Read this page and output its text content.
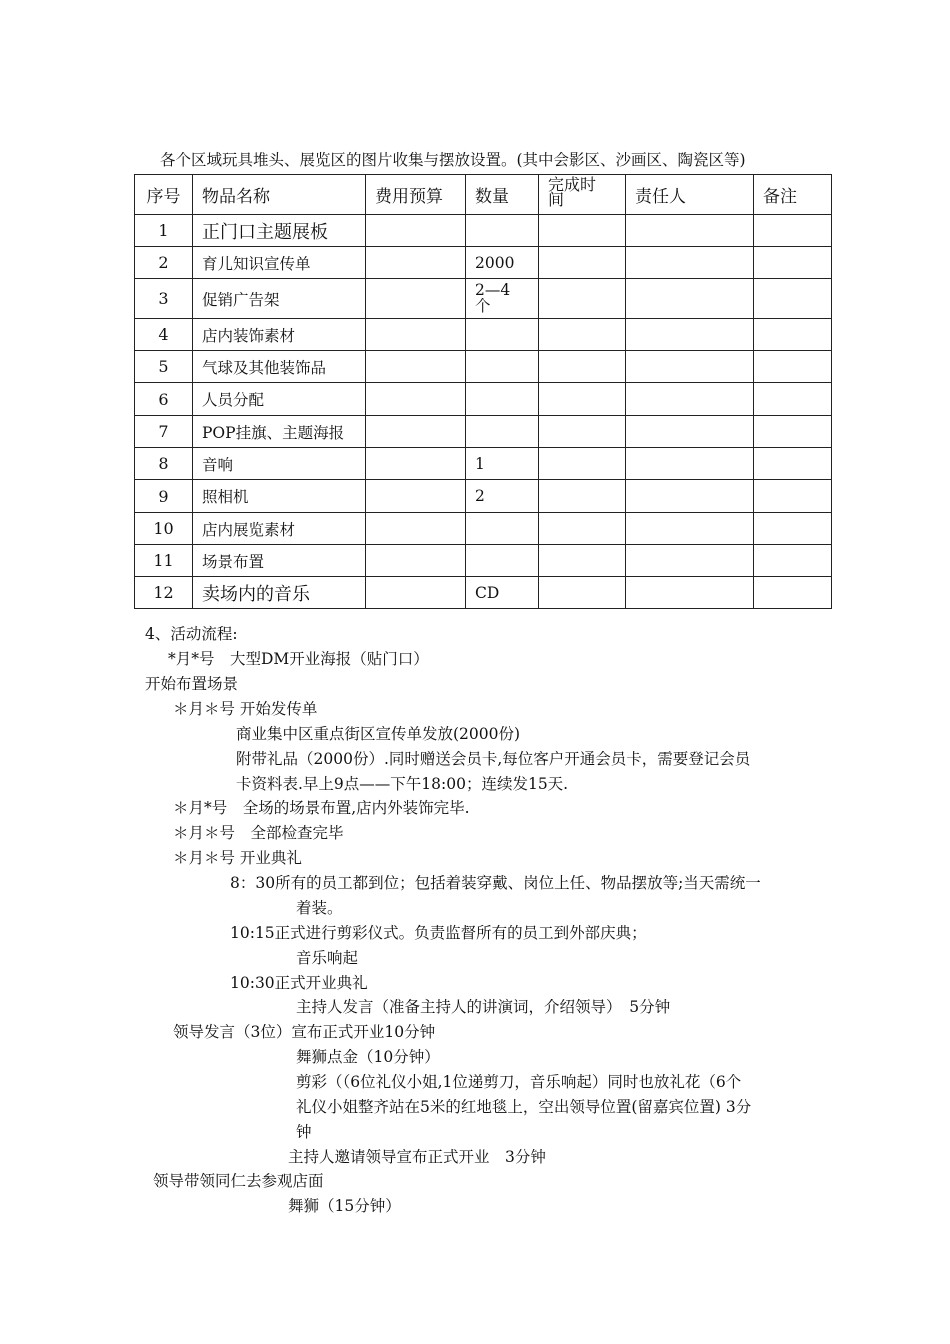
各个区域玩具堆头、展览区的图片收集与摆放设置。(其中会影区、沙画区、陶瓷区等)
序号	物品名称	费用预算	数量	完成时间	责任人	备注
1	正门口主题展板					
2	育儿知识宣传单		2000			
3	促销广告架		2—4个			

4	店内装饰素材					
5	气球及其他装饰品					
6	人员分配					
7	POP挂旗、主题海报					
8	音响		1			
9	照相机		2			
10	店内展览素材					
11	场景布置					
12	卖场内的音乐		CD			
4、活动流程:
*月*号　大型DM开业海报（贴门口）
开始布置场景
＊月＊号 开始发传单
商业集中区重点街区宣传单发放(2000份)
附带礼品（2000份）.同时赠送会员卡,每位客户开通会员卡，需要登记会员
卡资料表.早上9点——下午18:00；连续发15天.
＊月*号　全场的场景布置,店内外装饰完毕.
＊月＊号　全部检查完毕
＊月＊号 开业典礼
8：30所有的员工都到位；包括着装穿戴、岗位上任、物品摆放等;当天需统一
着装。
10:15正式进行剪彩仪式。负责监督所有的员工到外部庆典；
音乐响起
10:30正式开业典礼
主持人发言（准备主持人的讲演词，介绍领导）　5分钟
领导发言（3位）宣布正式开业10分钟
舞狮点金（10分钟）
剪彩（（6位礼仪小姐,1位递剪刀，音乐响起）同时也放礼花（6个
礼仪小姐整齐站在5米的红地毯上，空出领导位置(留嘉宾位置) 3分
钟
主持人邀请领导宣布正式开业　3分钟
领导带领同仁去参观店面
舞狮（15分钟）
